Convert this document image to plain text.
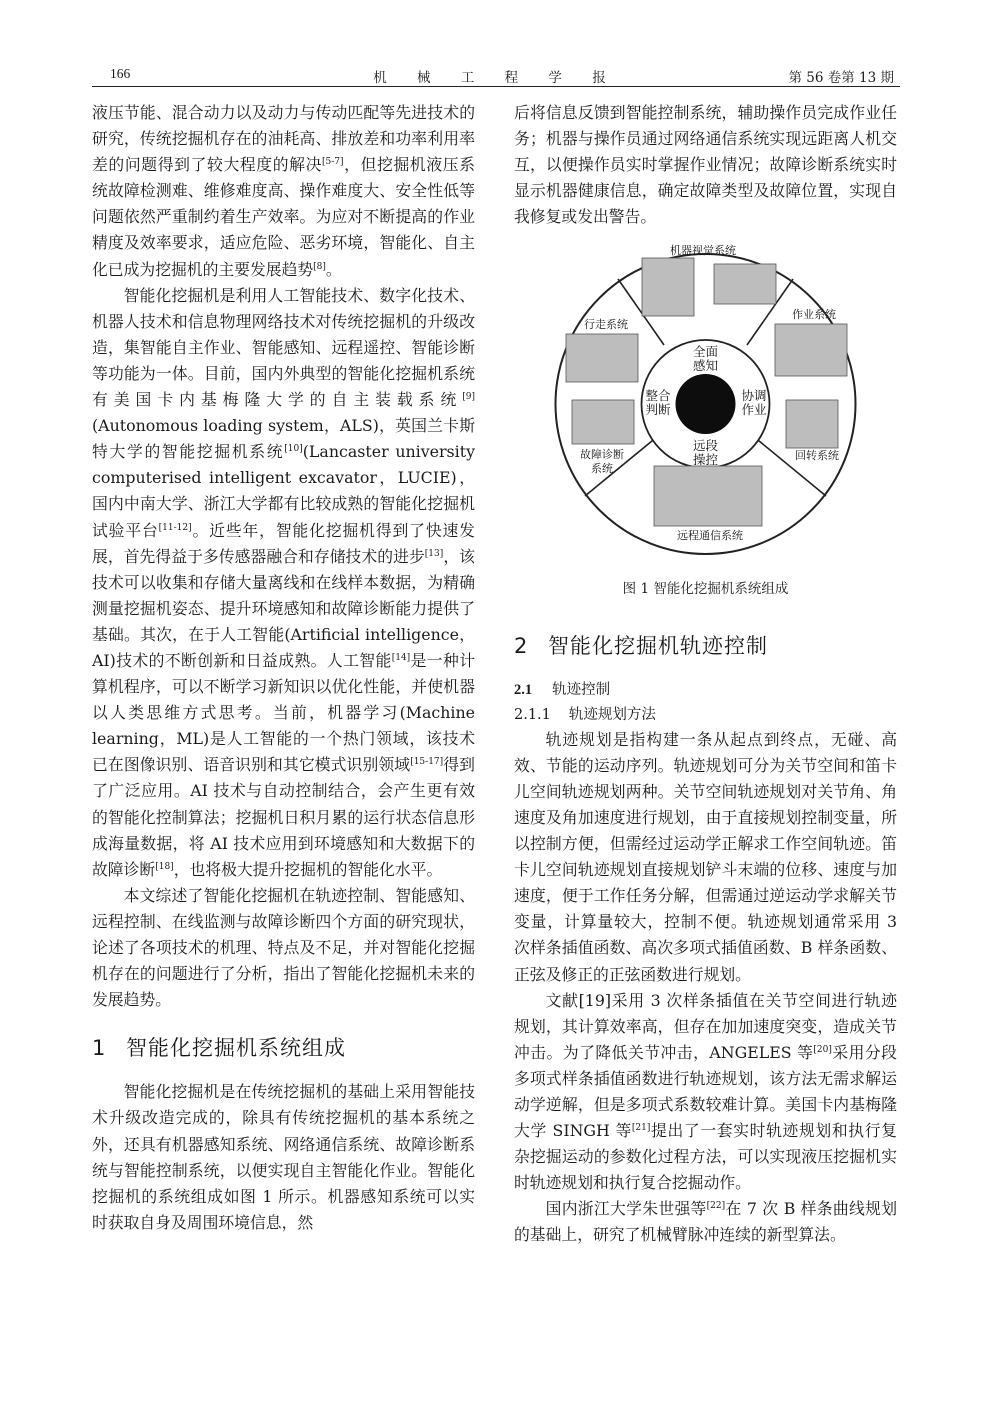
166	机 械 工 程 学 报	第 56 卷第 13 期

液压节能、混合动力以及动力与传动匹配等先进技术的研究，传统挖掘机存在的油耗高、排放差和功率利用率差的问题得到了较大程度的解决[5-7]，但挖掘机液压系统故障检测难、维修难度高、操作难度大、安全性低等问题依然严重制约着生产效率。为应对不断提高的作业精度及效率要求，适应危险、恶劣环境，智能化、自主化已成为挖掘机的主要发展趋势[8]。

智能化挖掘机是利用人工智能技术、数字化技术、机器人技术和信息物理网络技术对传统挖掘机的升级改造，集智能自主作业、智能感知、远程遥控、智能诊断等功能为一体。目前，国内外典型的智能化挖掘机系统有美国卡内基梅隆大学的自主装载系统[9](Autonomous loading system，ALS)，英国兰卡斯特大学的智能挖掘机系统[10](Lancaster university computerised intelligent excavator，LUCIE)，国内中南大学、浙江大学都有比较成熟的智能化挖掘机试验平台[11-12]。近些年，智能化挖掘机得到了快速发展，首先得益于多传感器融合和存储技术的进步[13]，该技术可以收集和存储大量离线和在线样本数据，为精确测量挖掘机姿态、提升环境感知和故障诊断能力提供了基础。其次，在于人工智能(Artificial intelligence，AI)技术的不断创新和日益成熟。人工智能[14]是一种计算机程序，可以不断学习新知识以优化性能，并使机器以人类思维方式思考。当前，机器学习(Machine learning，ML)是人工智能的一个热门领域，该技术已在图像识别、语音识别和其它模式识别领域[15-17]得到了广泛应用。AI 技术与自动控制结合，会产生更有效的智能化控制算法；挖掘机日积月累的运行状态信息形成海量数据，将 AI 技术应用到环境感知和大数据下的故障诊断[18]，也将极大提升挖掘机的智能化水平。

本文综述了智能化挖掘机在轨迹控制、智能感知、远程控制、在线监测与故障诊断四个方面的研究现状，论述了各项技术的机理、特点及不足，并对智能化挖掘机存在的问题进行了分析，指出了智能化挖掘机未来的发展趋势。

1 智能化挖掘机系统组成

智能化挖掘机是在传统挖掘机的基础上采用智能技术升级改造完成的，除具有传统挖掘机的基本系统之外，还具有机器感知系统、网络通信系统、故障诊断系统与智能控制系统，以便实现自主智能化作业。智能化挖掘机的系统组成如图 1 所示。机器感知系统可以实时获取自身及周围环境信息，然

后将信息反馈到智能控制系统，辅助操作员完成作业任务；机器与操作员通过网络通信系统实现远距离人机交互，以便操作员实时掌握作业情况；故障诊断系统实时显示机器健康信息，确定故障类型及故障位置，实现自我修复或发出警告。

机器视觉系统
作业系统
回转系统
远程通信系统
故障诊断
系统
行走系统
全面
感知
协调
作业
远段
操控
整合
判断
图 1 智能化挖掘机系统组成
2 智能化挖掘机轨迹控制

2.1 轨迹控制

2.1.1 轨迹规划方法

轨迹规划是指构建一条从起点到终点，无碰、高效、节能的运动序列。轨迹规划可分为关节空间和笛卡儿空间轨迹规划两种。关节空间轨迹规划对关节角、角速度及角加速度进行规划，由于直接规划控制变量，所以控制方便，但需经过运动学正解求工作空间轨迹。笛卡儿空间轨迹规划直接规划铲斗末端的位移、速度与加速度，便于工作任务分解，但需通过逆运动学求解关节变量，计算量较大，控制不便。轨迹规划通常采用 3 次样条插值函数、高次多项式插值函数、B 样条函数、正弦及修正的正弦函数进行规划。

文献[19]采用 3 次样条插值在关节空间进行轨迹规划，其计算效率高，但存在加加速度突变，造成关节冲击。为了降低关节冲击，ANGELES 等[20]采用分段多项式样条插值函数进行轨迹规划，该方法无需求解运动学逆解，但是多项式系数较难计算。美国卡内基梅隆大学 SINGH 等[21]提出了一套实时轨迹规划和执行复杂挖掘运动的参数化过程方法，可以实现液压挖掘机实时轨迹规划和执行复合挖掘动作。

国内浙江大学朱世强等[22]在 7 次 B 样条曲线规划的基础上，研究了机械臂脉冲连续的新型算法。
